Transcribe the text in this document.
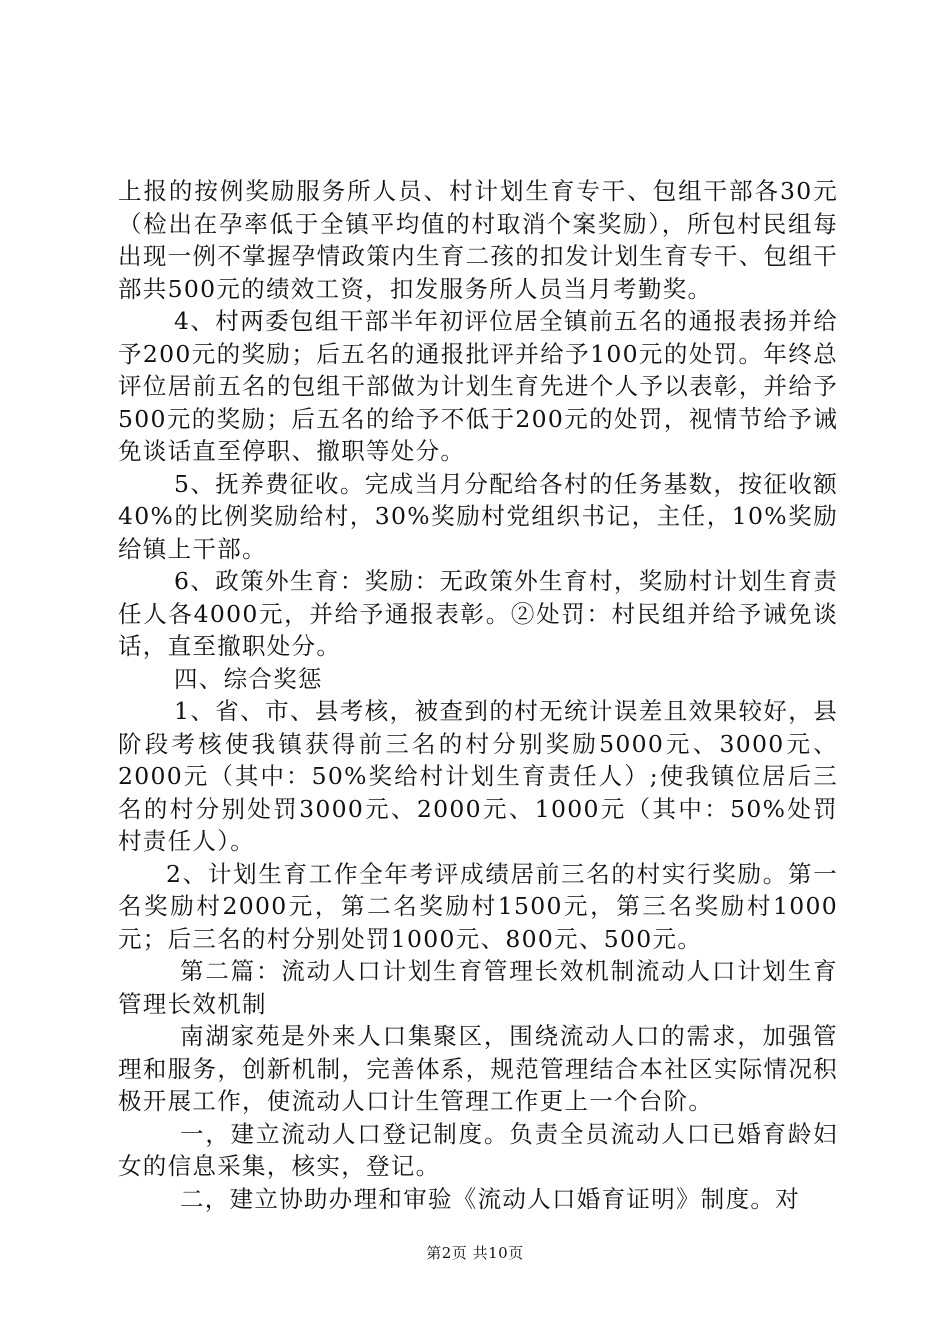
上报的按例奖励服务所人员、村计划生育专干、包组干部各30元（检出在孕率低于全镇平均值的村取消个案奖励），所包村民组每出现一例不掌握孕情政策内生育二孩的扣发计划生育专干、包组干部共500元的绩效工资，扣发服务所人员当月考勤奖。

4、村两委包组干部半年初评位居全镇前五名的通报表扬并给予200元的奖励；后五名的通报批评并给予100元的处罚。年终总评位居前五名的包组干部做为计划生育先进个人予以表彰，并给予500元的奖励；后五名的给予不低于200元的处罚，视情节给予诫免谈话直至停职、撤职等处分。

5、抚养费征收。完成当月分配给各村的任务基数，按征收额40%的比例奖励给村，30%奖励村党组织书记，主任，10%奖励给镇上干部。

6、政策外生育：奖励：无政策外生育村，奖励村计划生育责任人各4000元，并给予通报表彰。②处罚：村民组并给予诫免谈话，直至撤职处分。

四、综合奖惩

1、省、市、县考核，被查到的村无统计误差且效果较好，县阶段考核使我镇获得前三名的村分别奖励5000元、3000元、2000元（其中：50%奖给村计划生育责任人）;使我镇位居后三名的村分别处罚3000元、2000元、1000元（其中：50%处罚村责任人）。

2、计划生育工作全年考评成绩居前三名的村实行奖励。第一名奖励村2000元，第二名奖励村1500元，第三名奖励村1000元；后三名的村分别处罚1000元、800元、500元。

第二篇：流动人口计划生育管理长效机制流动人口计划生育管理长效机制

南湖家苑是外来人口集聚区，围绕流动人口的需求，加强管理和服务，创新机制，完善体系，规范管理结合本社区实际情况积极开展工作，使流动人口计生管理工作更上一个台阶。

一，建立流动人口登记制度。负责全员流动人口已婚育龄妇女的信息采集，核实，登记。

二，建立协助办理和审验《流动人口婚育证明》制度。对

第2页 共10页
